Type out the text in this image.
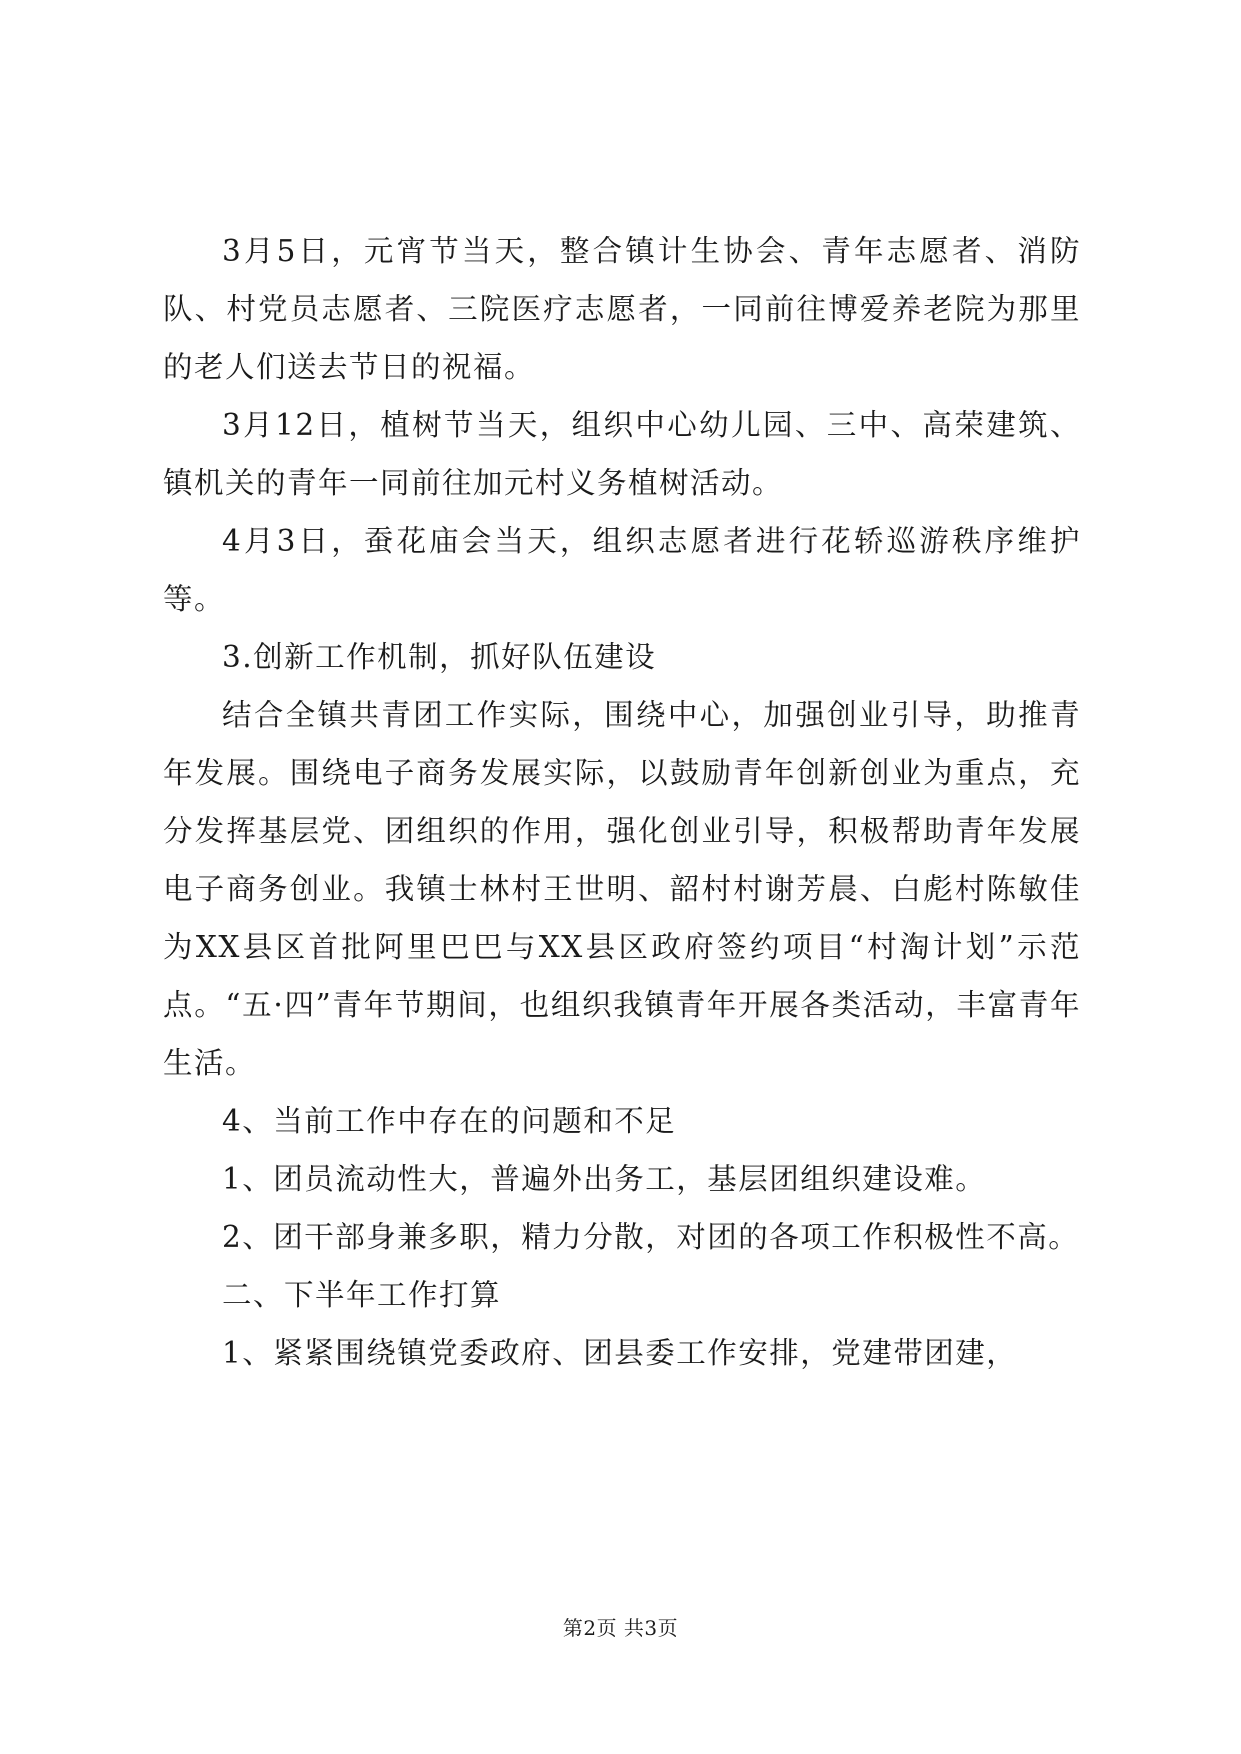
3月5日，元宵节当天，整合镇计生协会、青年志愿者、消防队、村党员志愿者、三院医疗志愿者，一同前往博爱养老院为那里的老人们送去节日的祝福。

3月12日，植树节当天，组织中心幼儿园、三中、高荣建筑、镇机关的青年一同前往加元村义务植树活动。

4月3日，蚕花庙会当天，组织志愿者进行花轿巡游秩序维护等。

3.创新工作机制，抓好队伍建设

结合全镇共青团工作实际，围绕中心，加强创业引导，助推青年发展。围绕电子商务发展实际，以鼓励青年创新创业为重点，充分发挥基层党、团组织的作用，强化创业引导，积极帮助青年发展电子商务创业。我镇士林村王世明、韶村村谢芳晨、白彪村陈敏佳为XX县区首批阿里巴巴与XX县区政府签约项目“村淘计划”示范点。“五·四”青年节期间，也组织我镇青年开展各类活动，丰富青年生活。

4、当前工作中存在的问题和不足

1、团员流动性大，普遍外出务工，基层团组织建设难。

2、团干部身兼多职，精力分散，对团的各项工作积极性不高。

二、下半年工作打算

1、紧紧围绕镇党委政府、团县委工作安排，党建带团建，

第2页 共3页
